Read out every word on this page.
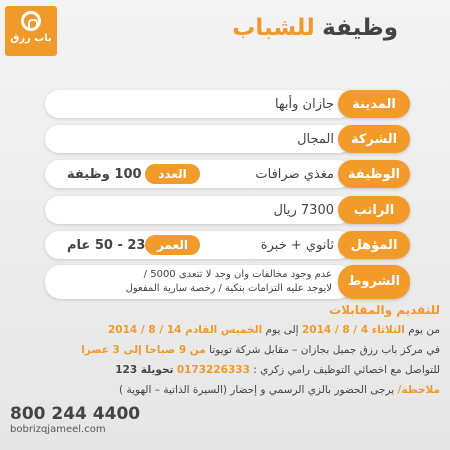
باب رزق	وظيفة للشباب
المدينة
جازان وأبها
الشركة
المجال
الوظيفة
مغذي صرافات
العدد
100 وظيفة
الراتب
7300 ريال
المؤهل
ثانوي + خبرة
العمر
23 - 50 عام
الشروط
عدم وجود مخالفات وان وجد لا تتعدى 5000 /
لايوجد عليه التزامات بنكية / رخصة سارية المفعول
للتقديم والمقابلات
من يوم الثلاثاء 4 / 8 / 2014 إلى يوم الخميس القادم 14 / 8 / 2014
في مركز باب رزق جميل بجازان – مقابل شركة تويوتا من 9 صباحا إلى 3 عصرا
للتواصل مع اخصائي التوظيف رامي زكري : 0173226333 تحويلة 123
ملاحظة/ يرجى الحضور بالزي الرسمي و إحضار (السيرة الذاتية – الهوية )
800 244 4400
bobrizqjameel.com
